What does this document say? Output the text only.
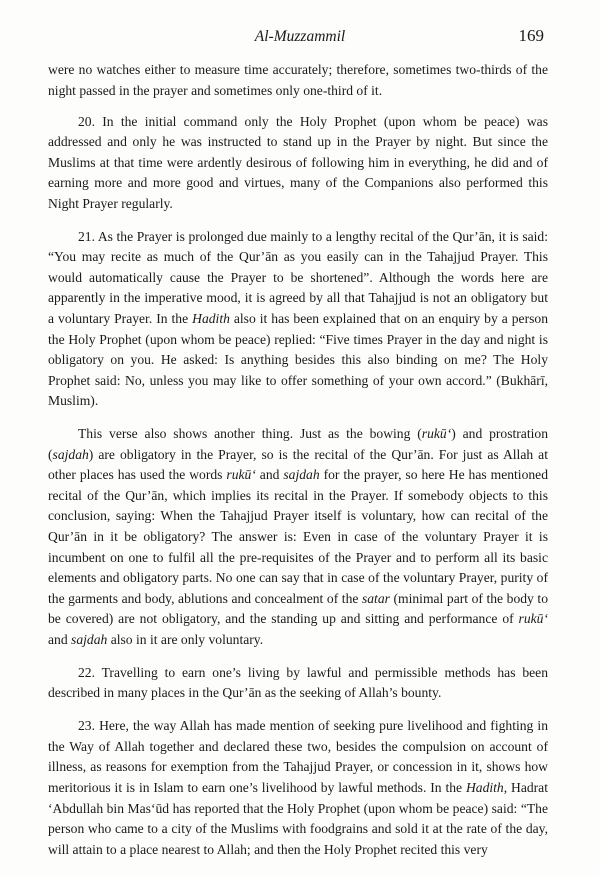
Al-Muzzammil	169

were no watches either to measure time accurately; therefore, sometimes two-thirds of the night passed in the prayer and sometimes only one-third of it.

20. In the initial command only the Holy Prophet (upon whom be peace) was addressed and only he was instructed to stand up in the Prayer by night. But since the Muslims at that time were ardently desirous of following him in everything, he did and of earning more and more good and virtues, many of the Companions also performed this Night Prayer regularly.

21. As the Prayer is prolonged due mainly to a lengthy recital of the Qur’ān, it is said: “You may recite as much of the Qur’ān as you easily can in the Tahajjud Prayer. This would automatically cause the Prayer to be shortened”. Although the words here are apparently in the imperative mood, it is agreed by all that Tahajjud is not an obligatory but a voluntary Prayer. In the Hadith also it has been explained that on an enquiry by a person the Holy Prophet (upon whom be peace) replied: “Five times Prayer in the day and night is obligatory on you. He asked: Is anything besides this also binding on me? The Holy Prophet said: No, unless you may like to offer something of your own accord.” (Bukhārī, Muslim).

This verse also shows another thing. Just as the bowing (rukū‘) and prostration (sajdah) are obligatory in the Prayer, so is the recital of the Qur’ān. For just as Allah at other places has used the words rukū‘ and sajdah for the prayer, so here He has mentioned recital of the Qur’ān, which implies its recital in the Prayer. If somebody objects to this conclusion, saying: When the Tahajjud Prayer itself is voluntary, how can recital of the Qur’ān in it be obligatory? The answer is: Even in case of the voluntary Prayer it is incumbent on one to fulfil all the pre-requisites of the Prayer and to perform all its basic elements and obligatory parts. No one can say that in case of the voluntary Prayer, purity of the garments and body, ablutions and concealment of the satar (minimal part of the body to be covered) are not obligatory, and the standing up and sitting and performance of rukū‘ and sajdah also in it are only voluntary.

22. Travelling to earn one’s living by lawful and permissible methods has been described in many places in the Qur’ān as the seeking of Allah’s bounty.

23. Here, the way Allah has made mention of seeking pure livelihood and fighting in the Way of Allah together and declared these two, besides the compulsion on account of illness, as reasons for exemption from the Tahajjud Prayer, or concession in it, shows how meritorious it is in Islam to earn one’s livelihood by lawful methods. In the Hadith, Hadrat ‘Abdullah bin Mas‘ūd has reported that the Holy Prophet (upon whom be peace) said: “The person who came to a city of the Muslims with foodgrains and sold it at the rate of the day, will attain to a place nearest to Allah; and then the Holy Prophet recited this very
